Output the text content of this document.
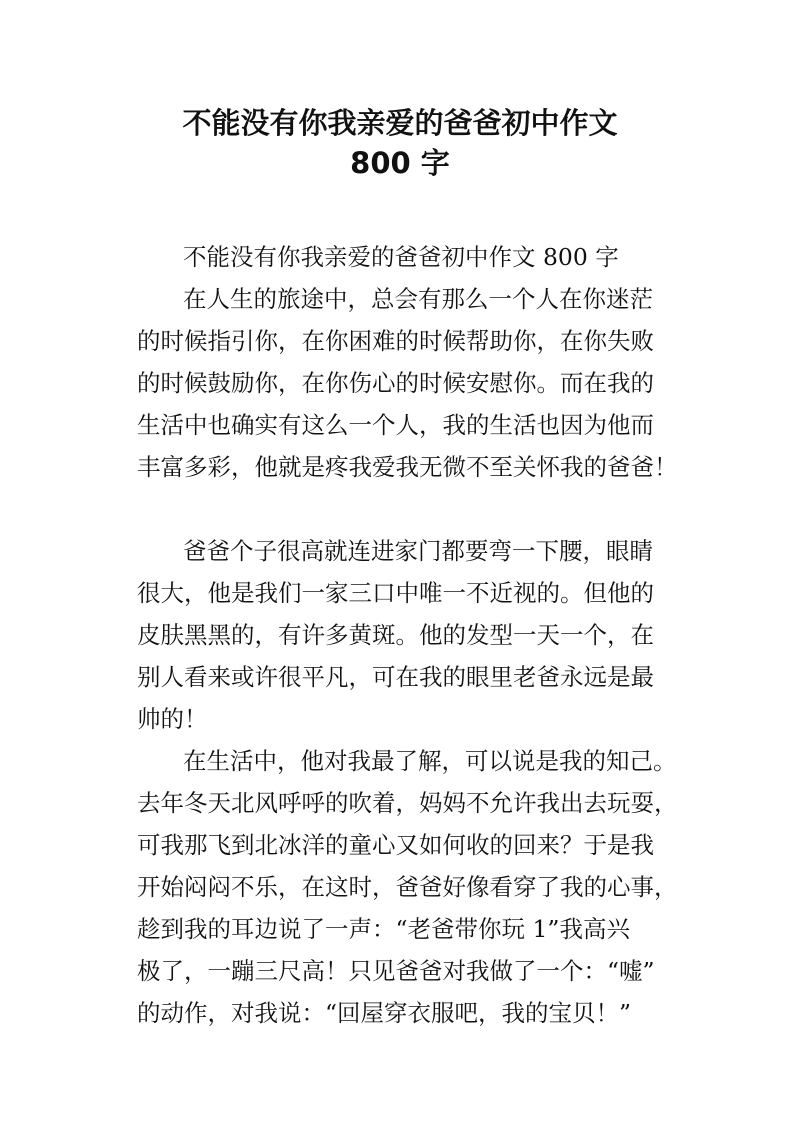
不能没有你我亲爱的爸爸初中作文
800 字
不能没有你我亲爱的爸爸初中作文 800 字
在人生的旅途中，总会有那么一个人在你迷茫
的时候指引你，在你困难的时候帮助你，在你失败
的时候鼓励你，在你伤心的时候安慰你。而在我的
生活中也确实有这么一个人，我的生活也因为他而
丰富多彩，他就是疼我爱我无微不至关怀我的爸爸！
爸爸个子很高就连进家门都要弯一下腰，眼睛
很大，他是我们一家三口中唯一不近视的。但他的
皮肤黑黑的，有许多黄斑。他的发型一天一个，在
别人看来或许很平凡，可在我的眼里老爸永远是最
帅的！
在生活中，他对我最了解，可以说是我的知己。
去年冬天北风呼呼的吹着，妈妈不允许我出去玩耍，
可我那飞到北冰洋的童心又如何收的回来？于是我
开始闷闷不乐，在这时，爸爸好像看穿了我的心事，
趁到我的耳边说了一声：“老爸带你玩 1”我高兴
极了，一蹦三尺高！只见爸爸对我做了一个：“嘘”
的动作，对我说：“回屋穿衣服吧，我的宝贝！”
